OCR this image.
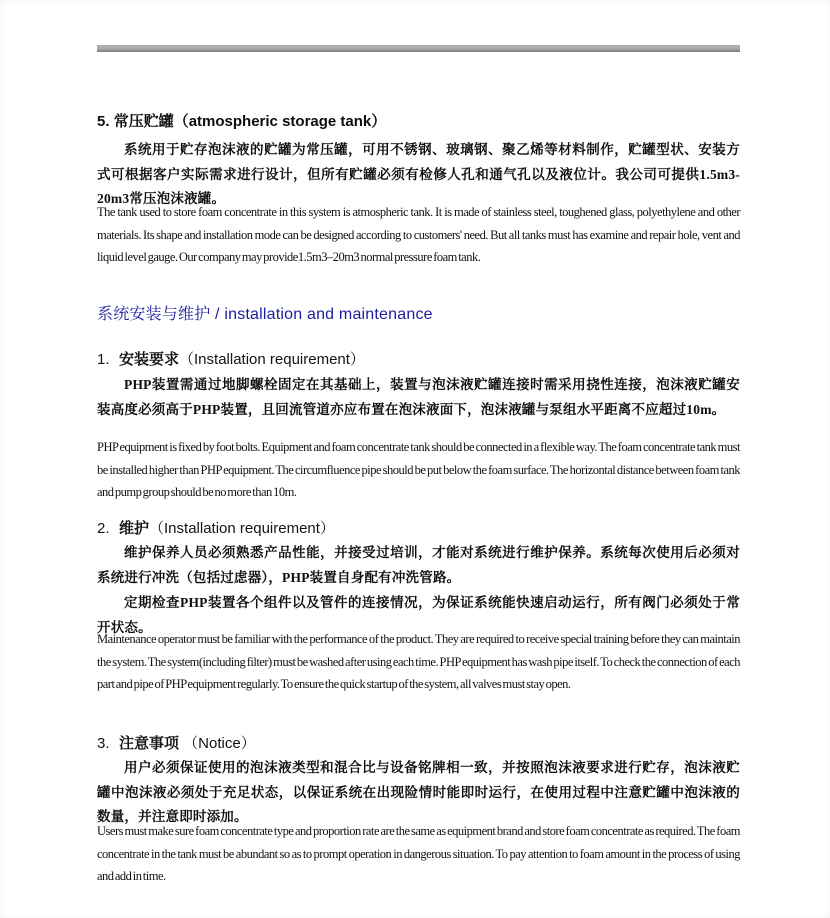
5. 常压贮罐（atmospheric storage tank）

系统用于贮存泡沫液的贮罐为常压罐，可用不锈钢、玻璃钢、聚乙烯等材料制作，贮罐型状、安装方式可根据客户实际需求进行设计，但所有贮罐必须有检修人孔和通气孔以及液位计。我公司可提供1.5m3-20m3常压泡沫液罐。

The tank used to store foam concentrate in this system is atmospheric tank. It is made of stainless steel, toughened glass, polyethylene and other materials. Its shape and installation mode can be designed according to customers' need. But all tanks must has examine and repair hole, vent and liquid level gauge. Our company may provide1.5m3–20m3 normal pressure foam tank.

系统安装与维护 / installation and maintenance
1. 安装要求（Installation requirement）

PHP装置需通过地脚螺栓固定在其基础上，装置与泡沫液贮罐连接时需采用挠性连接，泡沫液贮罐安装高度必须高于PHP装置，且回流管道亦应布置在泡沫液面下，泡沫液罐与泵组水平距离不应超过10m。

PHP equipment is fixed by foot bolts. Equipment and foam concentrate tank should be connected in a flexible way. The foam concentrate tank must be installed higher than PHP equipment. The circumfluence pipe should be put below the foam surface. The horizontal distance between foam tank and pump group should be no more than 10m.

2. 维护（Installation requirement）

维护保养人员必须熟悉产品性能，并接受过培训，才能对系统进行维护保养。系统每次使用后必须对系统进行冲洗（包括过虑器），PHP装置自身配有冲洗管路。

定期检查PHP装置各个组件以及管件的连接情况，为保证系统能快速启动运行，所有阀门必须处于常开状态。

Maintenance operator must be familiar with the performance of the product. They are required to receive special training before they can maintain the system. The system(including filter) must be washed after using each time. PHP equipment has wash pipe itself. To check the connection of each part and pipe of PHP equipment regularly. To ensure the quick startup of the system, all valves must stay open.

3. 注意事项 （Notice）

用户必须保证使用的泡沫液类型和混合比与设备铭牌相一致，并按照泡沫液要求进行贮存，泡沫液贮罐中泡沫液必须处于充足状态，以保证系统在出现险情时能即时运行，在使用过程中注意贮罐中泡沫液的数量，并注意即时添加。

Users must make sure foam concentrate type and proportion rate are the same as equipment brand and store foam concentrate as required. The foam concentrate in the tank must be abundant so as to prompt operation in dangerous situation. To pay attention to foam amount in the process of using and add in time.
